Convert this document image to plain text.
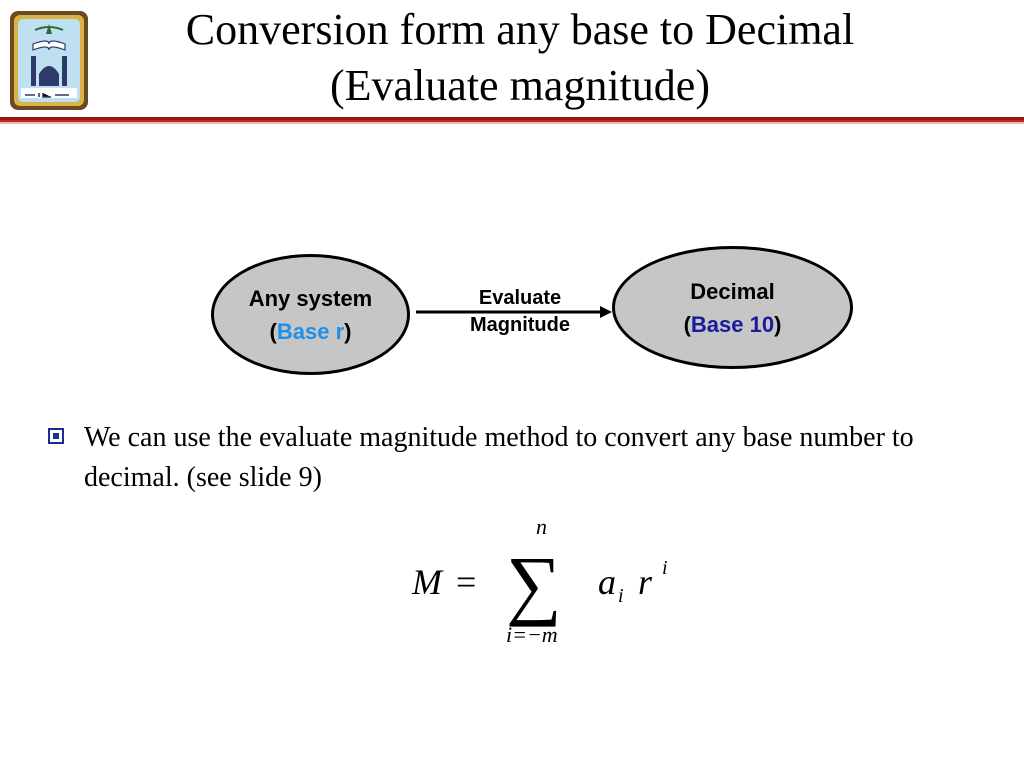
Conversion form any base to Decimal
(Evaluate magnitude)
Any system
(Base r)
Evaluate
Magnitude
Decimal
(Base 10)
We can use the evaluate magnitude method to convert any base number to decimal. (see slide 9)
M =
n
∑
i=−m
a i r i
